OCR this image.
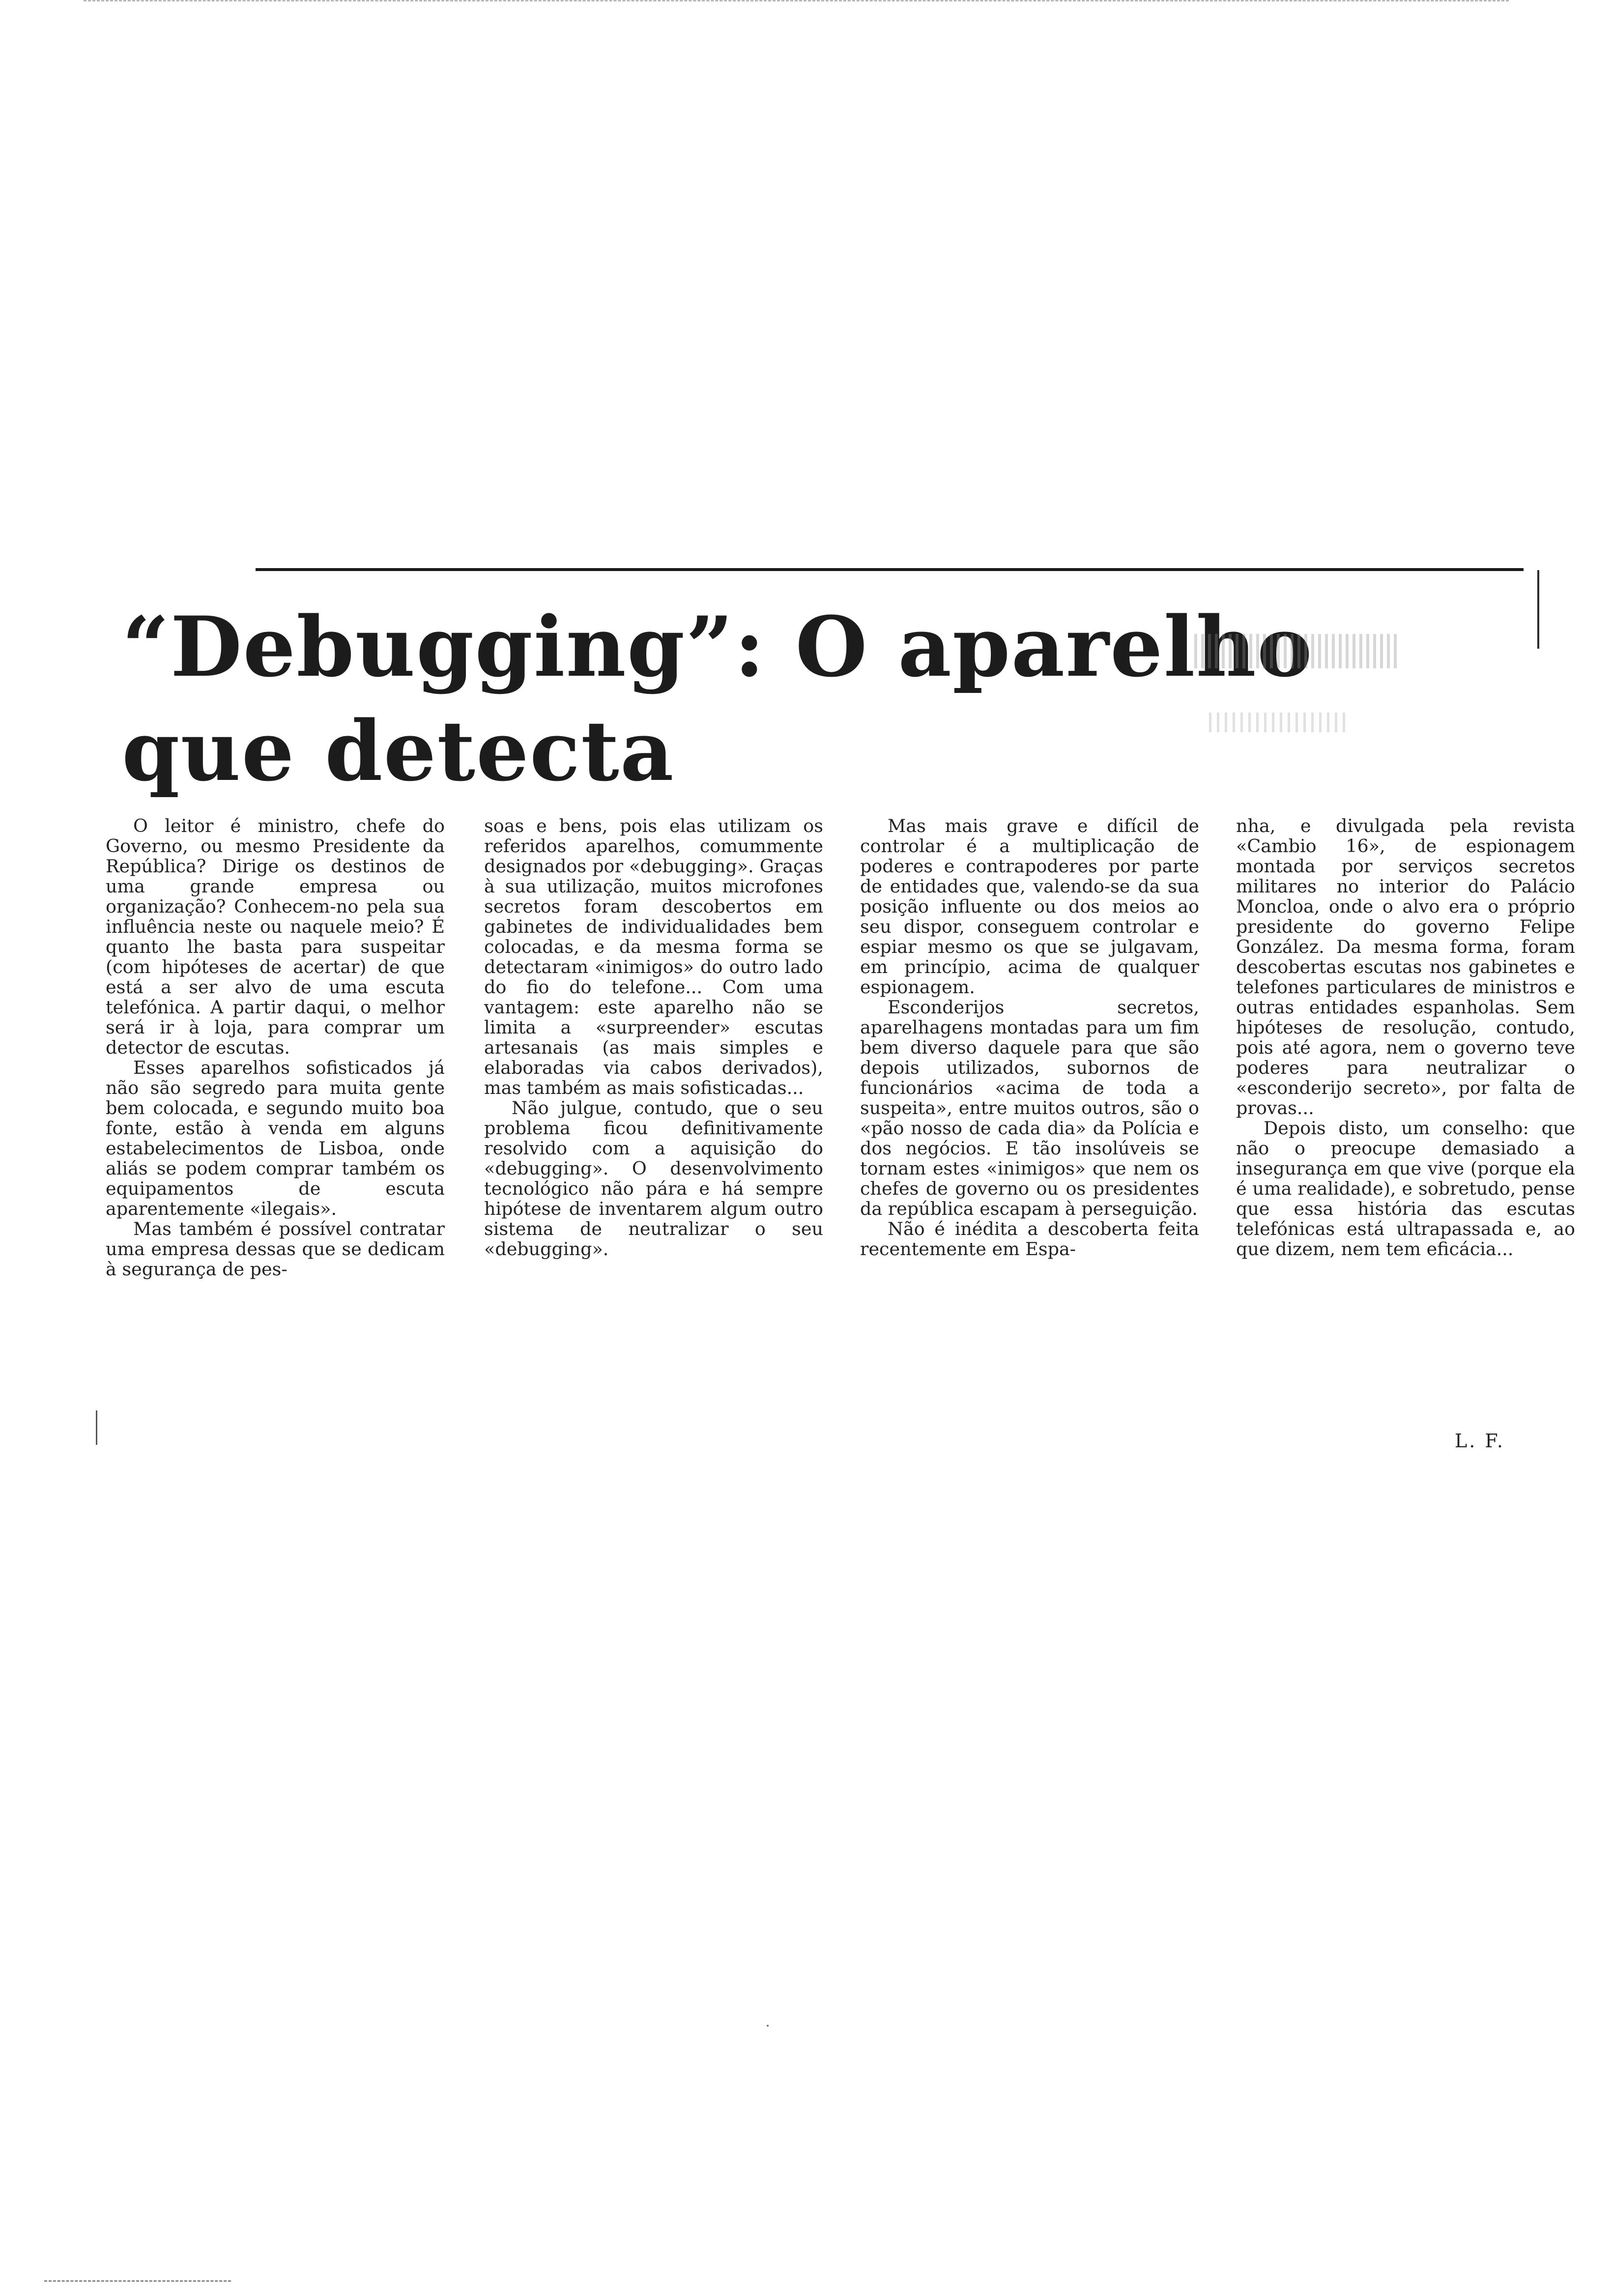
“Debugging”: O aparelho
que detecta

O leitor é ministro, chefe do Governo, ou mesmo Presidente da República? Dirige os destinos de uma grande empresa ou organização? Conhecem-no pela sua influência neste ou naquele meio? É quanto lhe basta para suspeitar (com hipóteses de acertar) de que está a ser alvo de uma escuta telefónica. A partir daqui, o melhor será ir à loja, para comprar um detector de escutas.

Esses aparelhos sofisticados já não são segredo para muita gente bem colocada, e segundo muito boa fonte, estão à venda em alguns estabelecimentos de Lisboa, onde aliás se podem comprar também os equipamentos de escuta aparentemente «ilegais».

Mas também é possível contratar uma empresa dessas que se dedicam à segurança de pes-

soas e bens, pois elas utilizam os referidos aparelhos, comummente designados por «debugging». Graças à sua utilização, muitos microfones secretos foram descobertos em gabinetes de individualidades bem colocadas, e da mesma forma se detectaram «inimigos» do outro lado do fio do telefone... Com uma vantagem: este aparelho não se limita a «surpreender» escutas artesanais (as mais simples e elaboradas via cabos derivados), mas também as mais sofisticadas...

Não julgue, contudo, que o seu problema ficou definitivamente resolvido com a aquisição do «debugging». O desenvolvimento tecnológico não pára e há sempre hipótese de inventarem algum outro sistema de neutralizar o seu «debugging».

Mas mais grave e difícil de controlar é a multiplicação de poderes e contrapoderes por parte de entidades que, valendo-se da sua posição influente ou dos meios ao seu dispor, conseguem controlar e espiar mesmo os que se julgavam, em princípio, acima de qualquer espionagem.

Esconderijos secretos, aparelhagens montadas para um fim bem diverso daquele para que são depois utilizados, subornos de funcionários «acima de toda a suspeita», entre muitos outros, são o «pão nosso de cada dia» da Polícia e dos negócios. E tão insolúveis se tornam estes «inimigos» que nem os chefes de governo ou os presidentes da república escapam à perseguição.

Não é inédita a descoberta feita recentemente em Espa-

nha, e divulgada pela revista «Cambio 16», de espionagem montada por serviços secretos militares no interior do Palácio Moncloa, onde o alvo era o próprio presidente do governo Felipe González. Da mesma forma, foram descobertas escutas nos gabinetes e telefones particulares de ministros e outras entidades espanholas. Sem hipóteses de resolução, contudo, pois até agora, nem o governo teve poderes para neutralizar o «esconderijo secreto», por falta de provas...

Depois disto, um conselho: que não o preocupe demasiado a insegurança em que vive (porque ela é uma realidade), e sobretudo, pense que essa história das escutas telefónicas está ultrapassada e, ao que dizem, nem tem eficácia...

L. F.
